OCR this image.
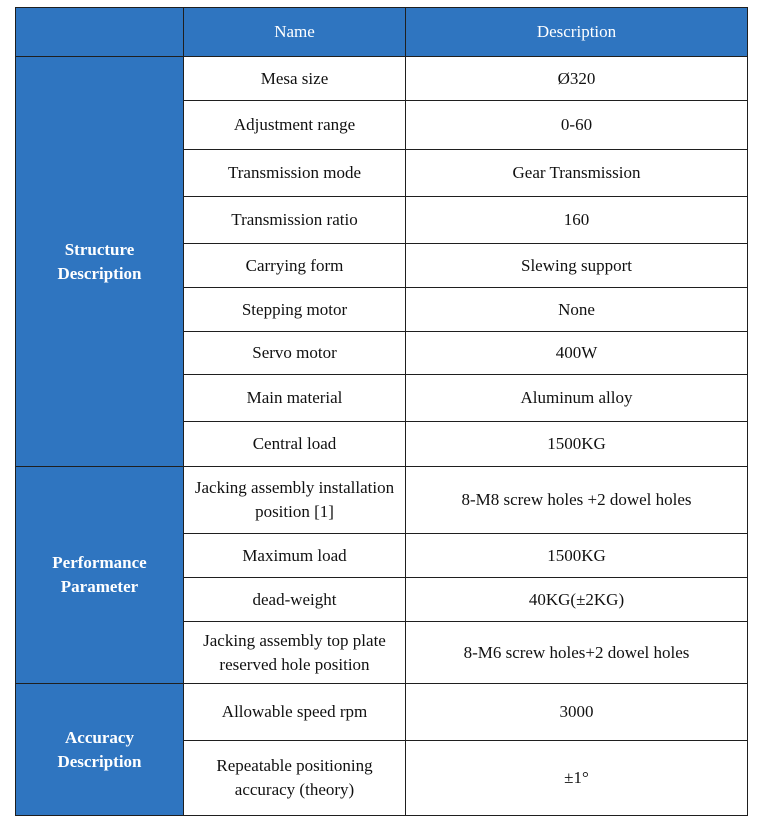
	Name	Description
Structure Description	Mesa size	Ø320
	Adjustment range	0-60
	Transmission mode	Gear Transmission
	Transmission ratio	160
	Carrying form	Slewing support
	Stepping motor	None
	Servo motor	400W
	Main material	Aluminum alloy
	Central load	1500KG
Performance Parameter	Jacking assembly installation position [1]	8-M8 screw holes +2 dowel holes
	Maximum load	1500KG
	dead-weight	40KG(±2KG)
	Jacking assembly top plate reserved hole position	8-M6 screw holes+2 dowel holes
Accuracy Description	Allowable speed rpm	3000
	Repeatable positioning accuracy (theory)	±1°
